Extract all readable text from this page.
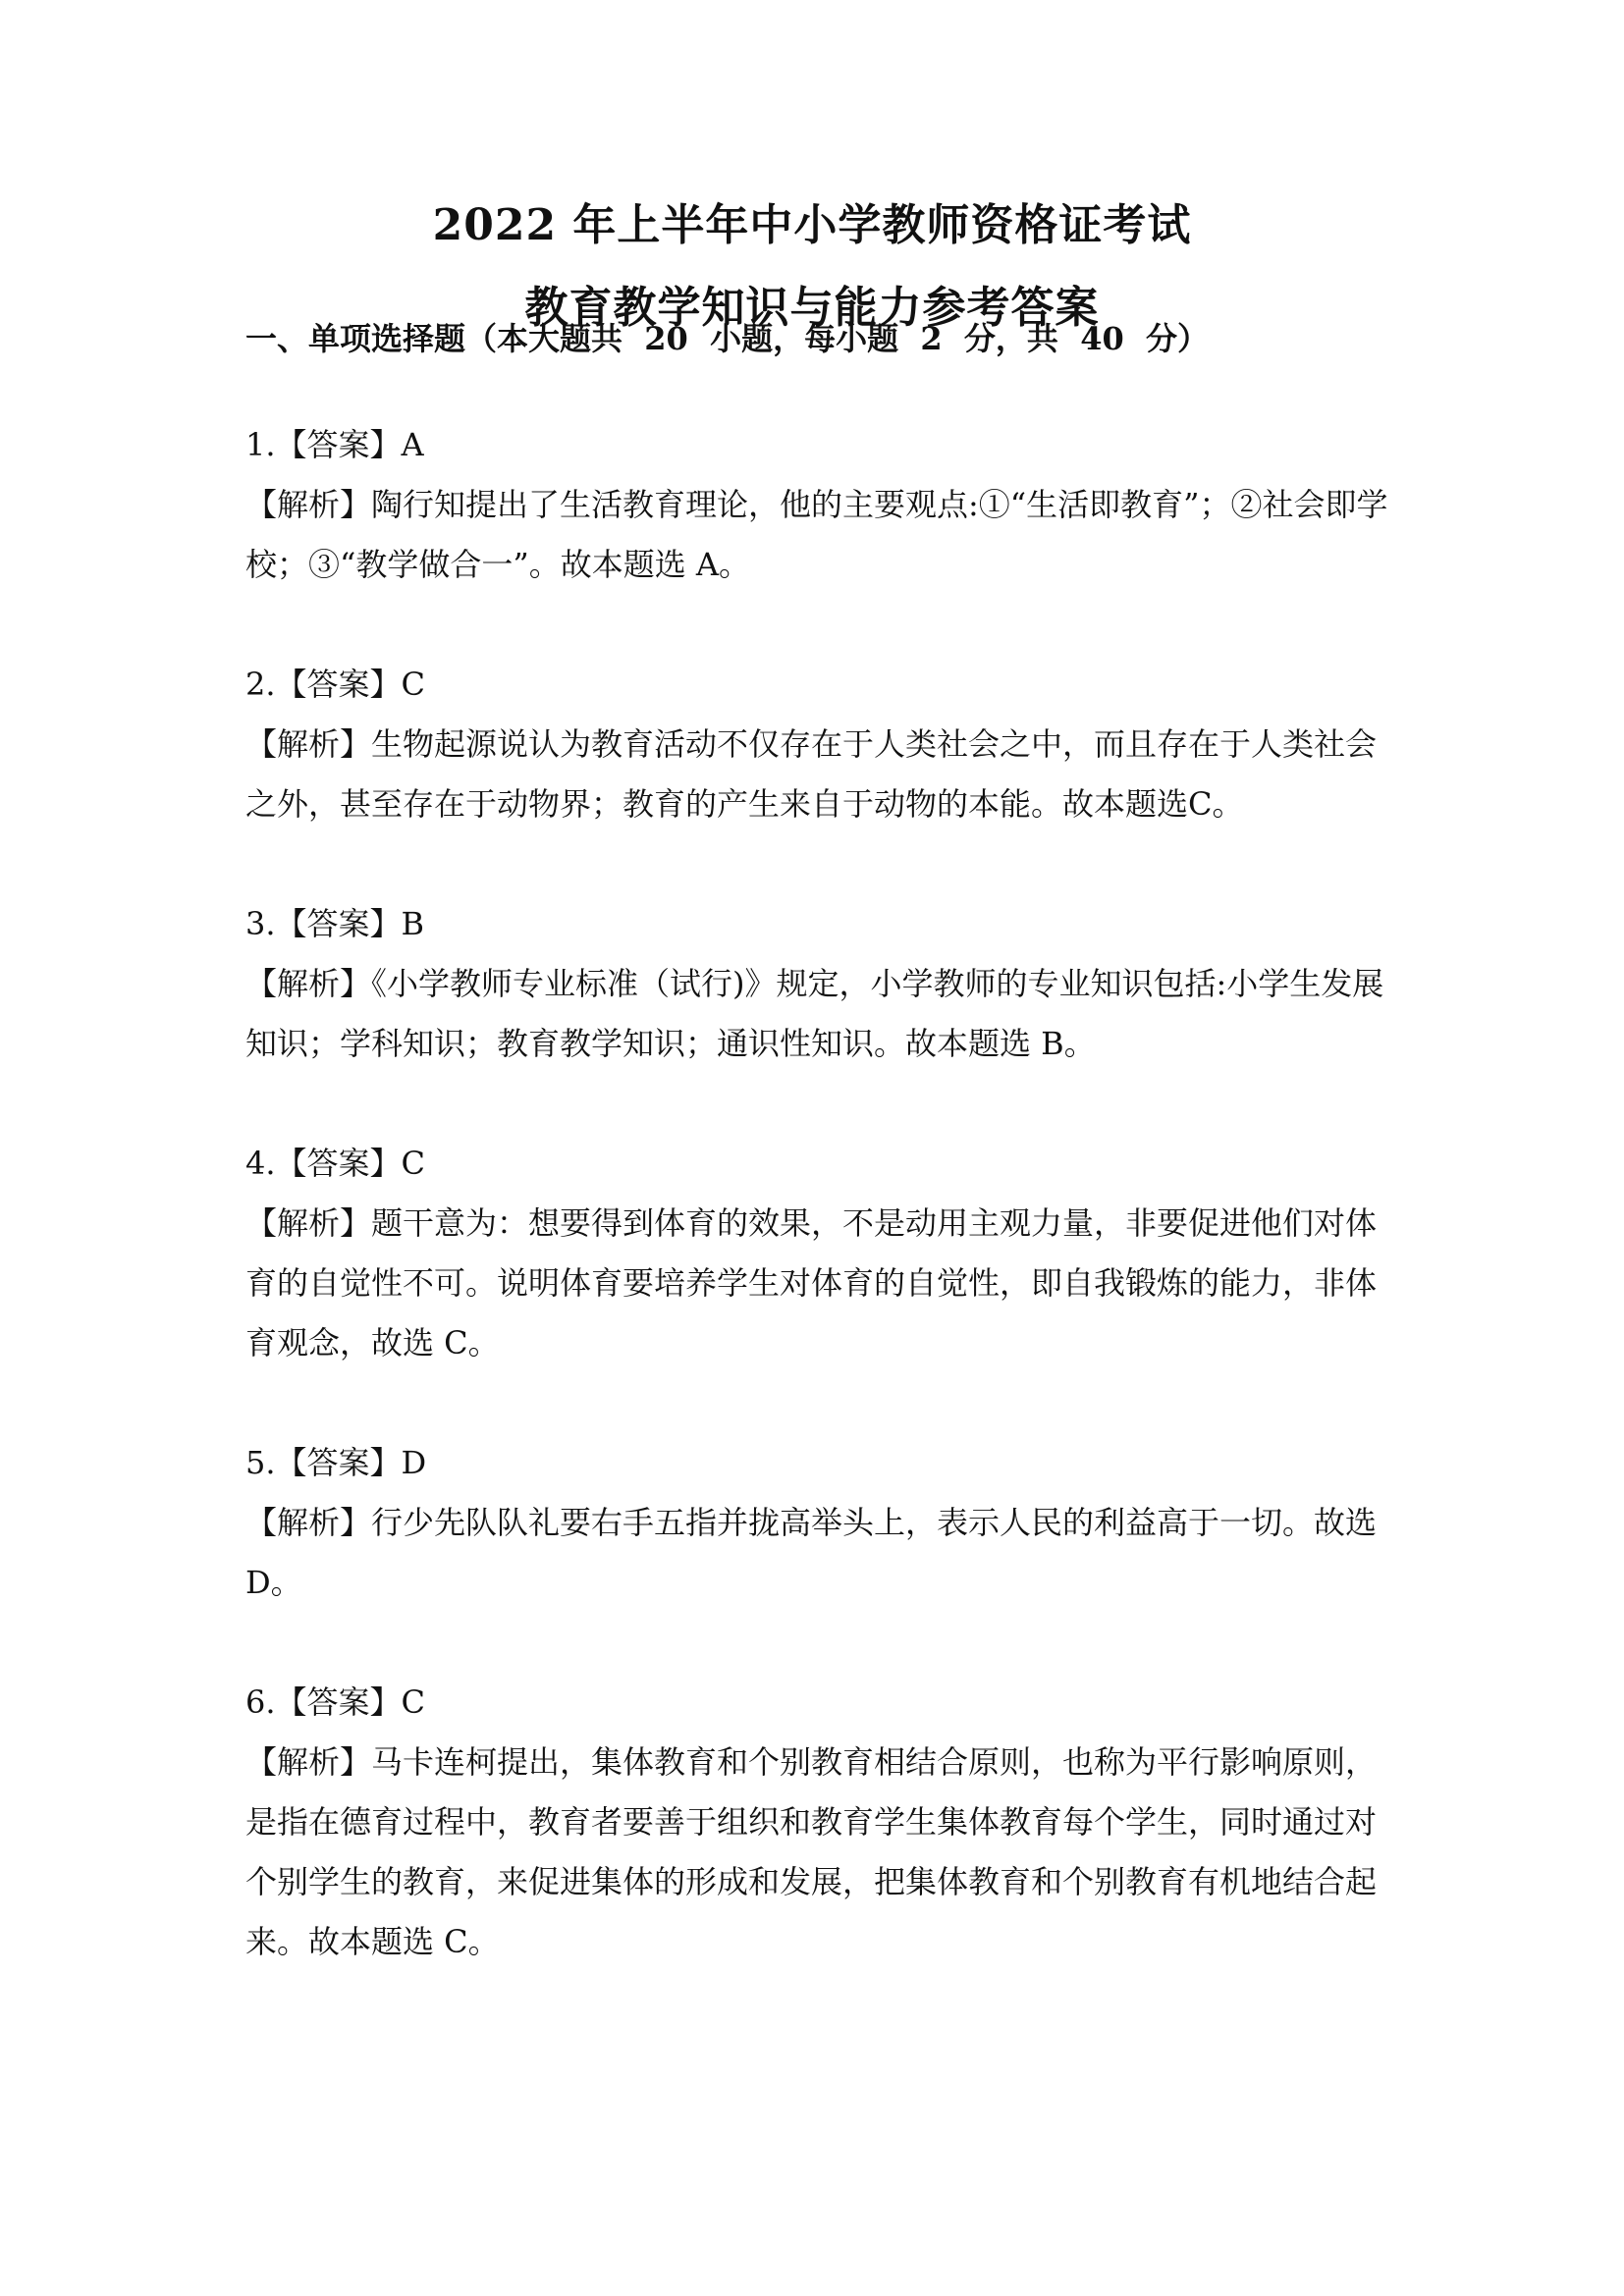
2022 年上半年中小学教师资格证考试
教育教学知识与能力参考答案
一、单项选择题（本大题共  20  小题，每小题  2  分，共  40  分）

1.【答案】A

【解析】陶行知提出了生活教育理论，他的主要观点:①“生活即教育”；②社会即学校；③“教学做合一”。故本题选 A。

2.【答案】C

【解析】生物起源说认为教育活动不仅存在于人类社会之中，而且存在于人类社会之外，甚至存在于动物界；教育的产生来自于动物的本能。故本题选C。

3.【答案】B

【解析】《小学教师专业标准（试行)》规定，小学教师的专业知识包括:小学生发展知识；学科知识；教育教学知识；通识性知识。故本题选 B。

4.【答案】C

【解析】题干意为：想要得到体育的效果，不是动用主观力量，非要促进他们对体育的自觉性不可。说明体育要培养学生对体育的自觉性，即自我锻炼的能力，非体育观念，故选 C。

5.【答案】D

【解析】行少先队队礼要右手五指并拢高举头上，表示人民的利益高于一切。故选 D。

6.【答案】C

【解析】马卡连柯提出，集体教育和个别教育相结合原则，也称为平行影响原则，是指在德育过程中，教育者要善于组织和教育学生集体教育每个学生，同时通过对个别学生的教育，来促进集体的形成和发展，把集体教育和个别教育有机地结合起来。故本题选 C。
